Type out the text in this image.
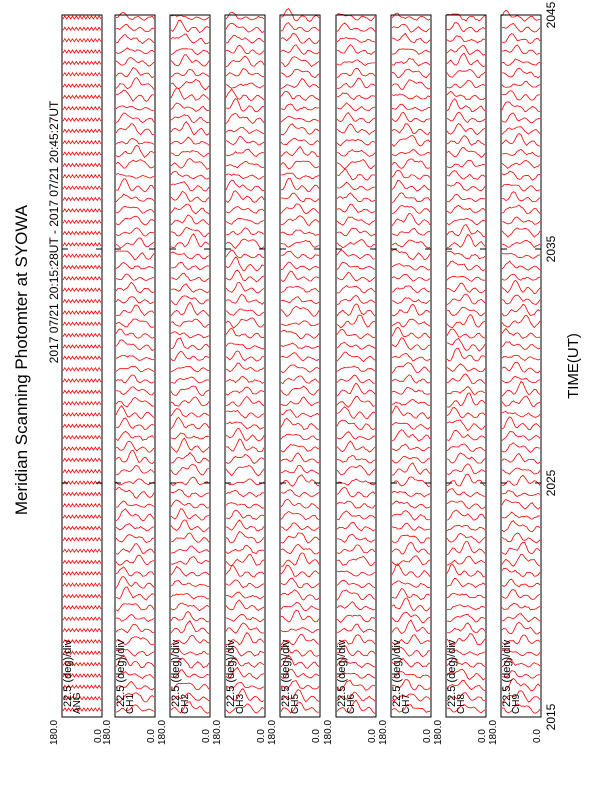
Meridian Scanning Photomter at SYOWA 2017 07/21 20:15:28UT - 2017 07/21 20:45:27UT
TIME(UT)
180.0	0.0
ANG
22.5 (deg)/div
180.0	0.0
CH1
22.5 (deg)/div
180.0	0.0
CH2
22.5 (deg)/div
180.0	0.0
CH3
22.5 (deg)/div
180.0	0.0
CH5
22.5 (deg)/div
180.0	0.0
CH6
22.5 (deg)/div
180.0	0.0
CH7
22.5 (deg)/div
180.0	0.0
CH8
22.5 (deg)/div
180.0	0.0
CH9
22.5 (deg)/div
2015
2025
2035
2045
